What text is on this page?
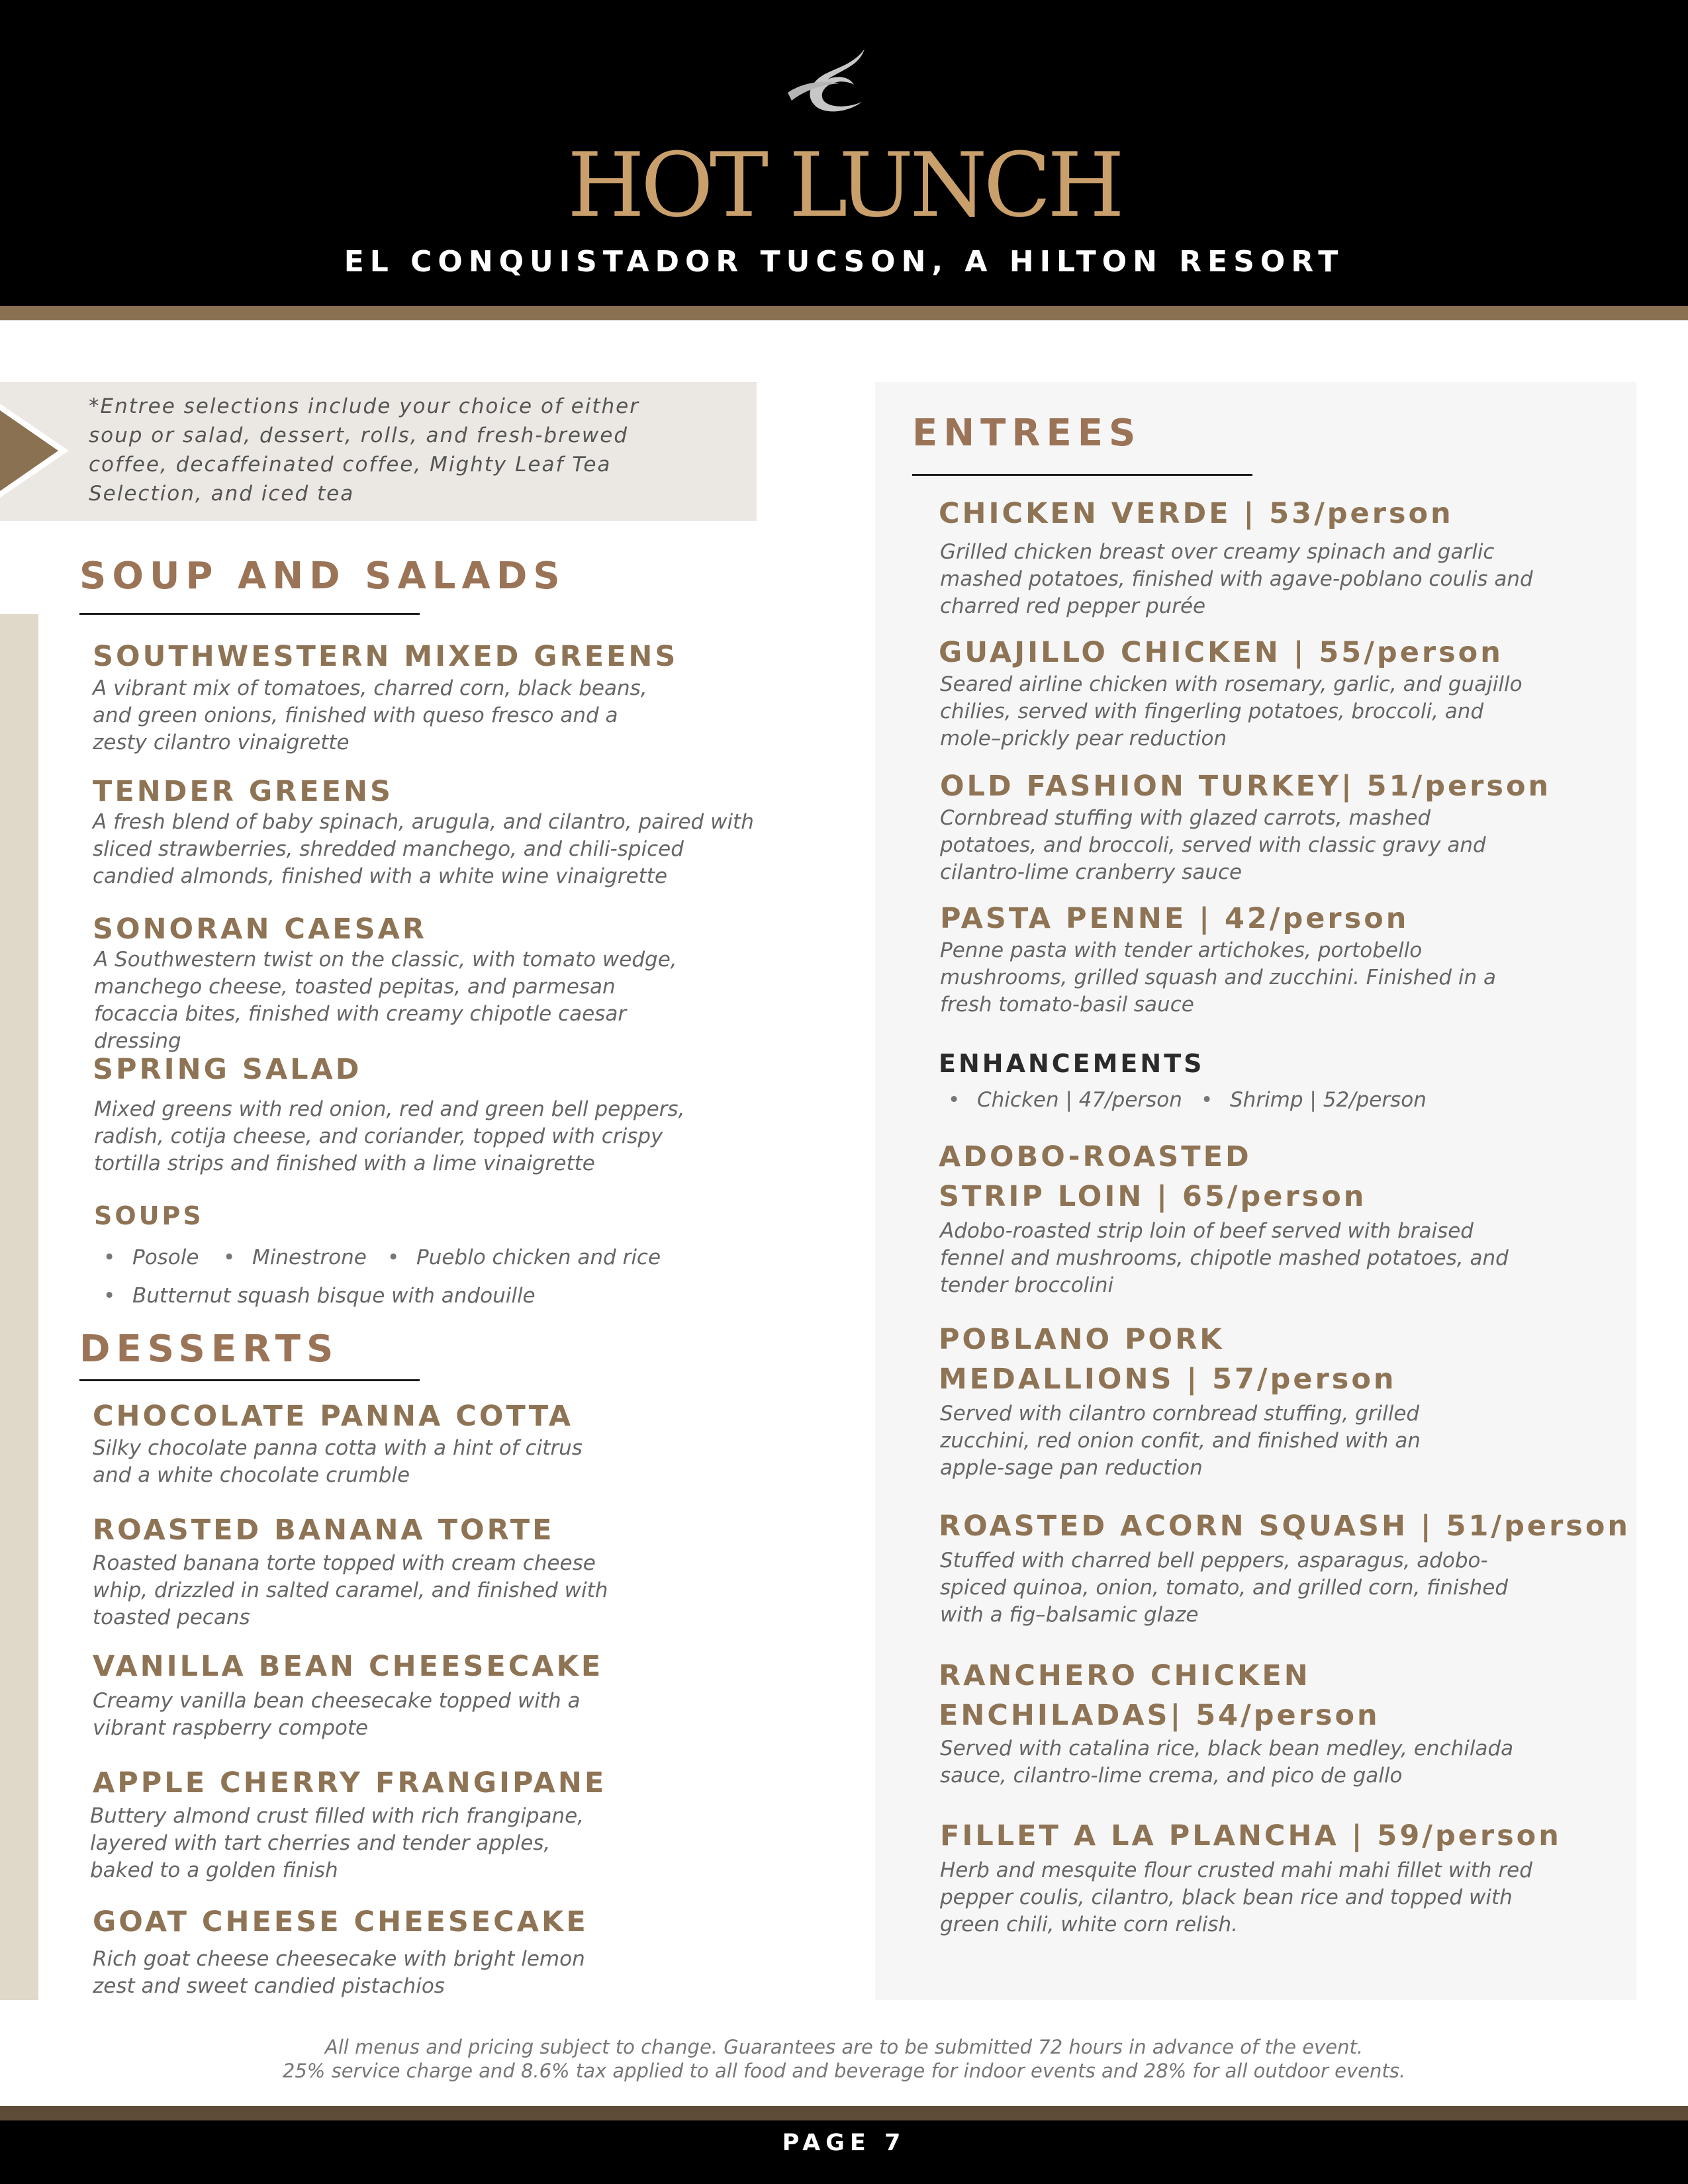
HOT LUNCH
EL CONQUISTADOR TUCSON, A HILTON RESORT
*Entree selections include your choice of either soup or salad, dessert, rolls, and fresh-brewed coffee, decaffeinated coffee, Mighty Leaf Tea Selection, and iced tea
SOUP AND SALADS
SOUTHWESTERN MIXED GREENS
A vibrant mix of tomatoes, charred corn, black beans, and green onions, finished with queso fresco and a zesty cilantro vinaigrette
TENDER GREENS
A fresh blend of baby spinach, arugula, and cilantro, paired with sliced strawberries, shredded manchego, and chili-spiced candied almonds, finished with a white wine vinaigrette
SONORAN CAESAR
A Southwestern twist on the classic, with tomato wedge, manchego cheese, toasted pepitas, and parmesan focaccia bites, finished with creamy chipotle caesar dressing
SPRING SALAD
Mixed greens with red onion, red and green bell peppers, radish, cotija cheese, and coriander, topped with crispy tortilla strips and finished with a lime vinaigrette
SOUPS
• Posole	• Minestrone • Pueblo chicken and rice
• Butternut squash bisque with andouille
DESSERTS
CHOCOLATE PANNA COTTA
Silky chocolate panna cotta with a hint of citrus and a white chocolate crumble
ROASTED BANANA TORTE
Roasted banana torte topped with cream cheese whip, drizzled in salted caramel, and finished with toasted pecans
VANILLA BEAN CHEESECAKE
Creamy vanilla bean cheesecake topped with a vibrant raspberry compote
APPLE CHERRY FRANGIPANE
Buttery almond crust filled with rich frangipane, layered with tart cherries and tender apples, baked to a golden finish
GOAT CHEESE CHEESECAKE
Rich goat cheese cheesecake with bright lemon zest and sweet candied pistachios
ENTREES
CHICKEN VERDE | 53/person
Grilled chicken breast over creamy spinach and garlic mashed potatoes, finished with agave-poblano coulis and charred red pepper purée
GUAJILLO CHICKEN | 55/person
Seared airline chicken with rosemary, garlic, and guajillo chilies, served with fingerling potatoes, broccoli, and mole–prickly pear reduction
OLD FASHION TURKEY| 51/person
Cornbread stuffing with glazed carrots, mashed potatoes, and broccoli, served with classic gravy and cilantro-lime cranberry sauce
PASTA PENNE | 42/person
Penne pasta with tender artichokes, portobello mushrooms, grilled squash and zucchini. Finished in a fresh tomato-basil sauce
ENHANCEMENTS
• Chicken | 47/person • Shrimp | 52/person
ADOBO-ROASTED
STRIP LOIN | 65/person
Adobo-roasted strip loin of beef served with braised fennel and mushrooms, chipotle mashed potatoes, and tender broccolini
POBLANO PORK
MEDALLIONS | 57/person
Served with cilantro cornbread stuffing, grilled zucchini, red onion confit, and finished with an apple-sage pan reduction
ROASTED ACORN SQUASH | 51/person
Stuffed with charred bell peppers, asparagus, adobo-spiced quinoa, onion, tomato, and grilled corn, finished with a fig–balsamic glaze
RANCHERO CHICKEN
ENCHILADAS| 54/person
Served with catalina rice, black bean medley, enchilada sauce, cilantro-lime crema, and pico de gallo
FILLET A LA PLANCHA | 59/person
Herb and mesquite flour crusted mahi mahi fillet with red pepper coulis, cilantro, black bean rice and topped with green chili, white corn relish.
All menus and pricing subject to change. Guarantees are to be submitted 72 hours in advance of the event.
25% service charge and 8.6% tax applied to all food and beverage for indoor events and 28% for all outdoor events.
PAGE 7
